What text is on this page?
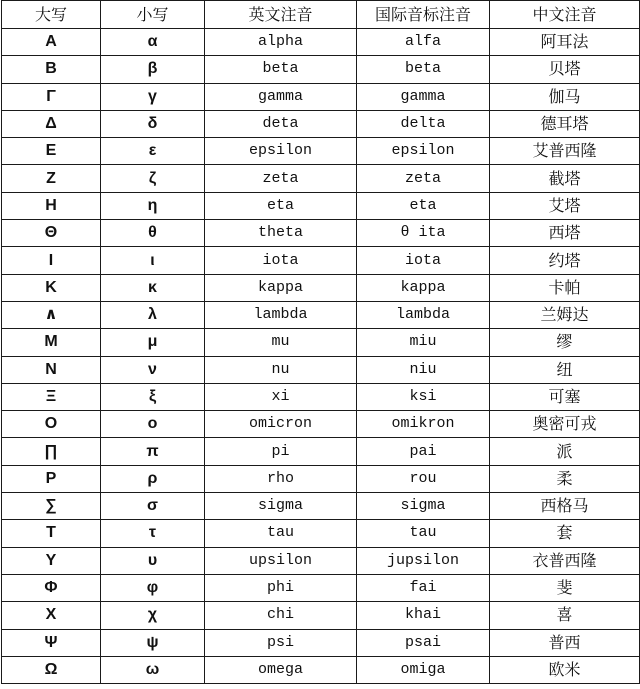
大写	小写	英文注音	国际音标注音	中文注音
Α	α	alpha	alfa	阿耳法
Β	β	beta	beta	贝塔
Γ	γ	gamma	gamma	伽马
Δ	δ	deta	delta	德耳塔
Ε	ε	epsilon	epsilon	艾普西隆
Ζ	ζ	zeta	zeta	截塔
Η	η	eta	eta	艾塔
Θ	θ	theta	θ ita	西塔
Ι	ι	iota	iota	约塔
Κ	κ	kappa	kappa	卡帕
∧	λ	lambda	lambda	兰姆达
Μ	μ	mu	miu	缪
Ν	ν	nu	niu	纽
Ξ	ξ	xi	ksi	可塞
Ο	ο	omicron	omikron	奥密可戎
∏	π	pi	pai	派
Ρ	ρ	rho	rou	柔
∑	σ	sigma	sigma	西格马
Τ	τ	tau	tau	套
Υ	υ	upsilon	jupsilon	衣普西隆
Φ	φ	phi	fai	斐
Χ	χ	chi	khai	喜
Ψ	ψ	psi	psai	普西
Ω	ω	omega	omiga	欧米
